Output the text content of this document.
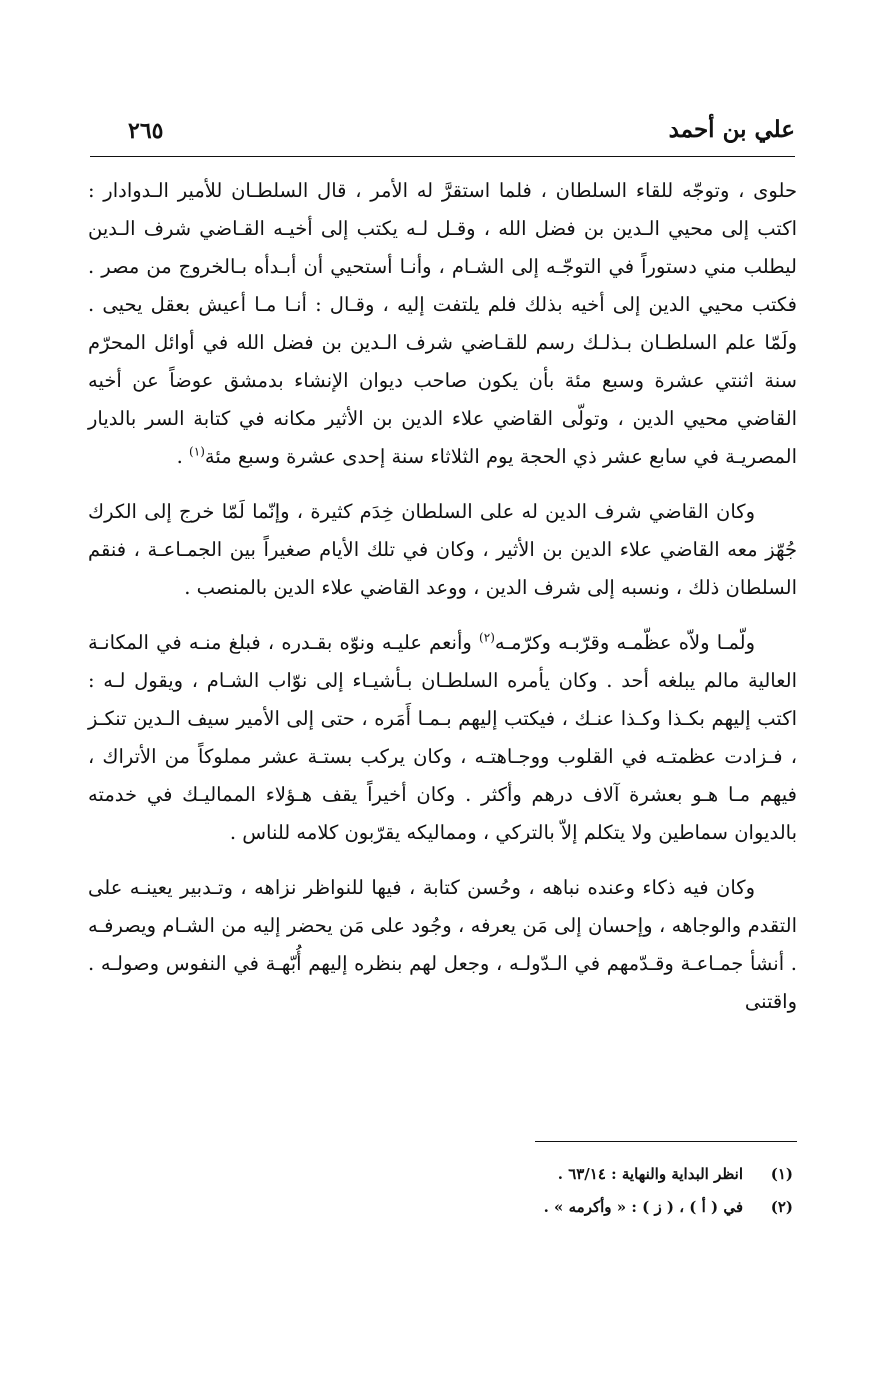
علي بن أحمد
٢٦٥

حلوى ، وتوجّه للقاء السلطان ، فلما استقرَّ له الأمر ، قال السلطـان للأمير الـدوادار : اكتب إلى محيي الـدين بن فضل الله ، وقـل لـه يكتب إلى أخيـه القـاضي شرف الـدين ليطلب مني دستوراً في التوجّـه إلى الشـام ، وأنـا أستحيي أن أبـدأه بـالخروج من مصر . فكتب محيي الدين إلى أخيه بذلك فلم يلتفت إليه ، وقـال : أنـا مـا أعيش بعقل يحيى . ولَمّا علم السلطـان بـذلـك رسم للقـاضي شرف الـدين بن فضل الله في أوائل المحرّم سنة اثنتي عشرة وسبع مئة بأن يكون صاحب ديوان الإنشاء بدمشق عوضاً عن أخيه القاضي محيي الدين ، وتولّى القاضي علاء الدين بن الأثير مكانه في كتابة السر بالديار المصريـة في سابع عشر ذي الحجة يوم الثلاثاء سنة إحدى عشرة وسبع مئة$^{(١)}$ .

وكان القاضي شرف الدين له على السلطان خِدَم كثيرة ، وإنّما لَمّا خرج إلى الكرك جُهّز معه القاضي علاء الدين بن الأثير ، وكان في تلك الأيام صغيراً بين الجمـاعـة ، فنقم السلطان ذلك ، ونسبه إلى شرف الدين ، ووعد القاضي علاء الدين بالمنصب .

ولّمـا ولاّه عظّمـه وقرّبـه وكرّمـه$^{(٢)}$ وأنعم عليـه ونوّه بقـدره ، فبلغ منـه في المكانـة العالية مالم يبلغه أحد . وكان يأمره السلطـان بـأشيـاء إلى نوّاب الشـام ، ويقول لـه : اكتب إليهم بكـذا وكـذا عنـك ، فيكتب إليهم بـمـا أَمَره ، حتى إلى الأمير سيف الـدين تنكـز ، فـزادت عظمتـه في القلوب ووجـاهتـه ، وكان يركب بستـة عشر مملوكاً من الأتراك ، فيهم مـا هـو بعشرة آلاف درهم وأكثر . وكان أخيراً يقف هـؤلاء المماليـك في خدمته بالديوان سماطين ولا يتكلم إلاّ بالتركي ، ومماليكه يقرّبون كلامه للناس .

وكان فيه ذكاء وعنده نباهه ، وحُسن كتابة ، فيها للنواظر نزاهه ، وتـدبير يعينـه على التقدم والوجاهه ، وإحسان إلى مَن يعرفه ، وجُود على مَن يحضر إليه من الشـام ويصرفـه . أنشأ جمـاعـة وقـدّمهم في الـدّولـه ، وجعل لهم بنظره إليهم أُبّهـة في النفوس وصولـه . واقتنى

(١)
انظر البداية والنهاية : ٦٣/١٤ .
(٢)
في ( أ ) ، ( ز ) : « وأكرمه » .
